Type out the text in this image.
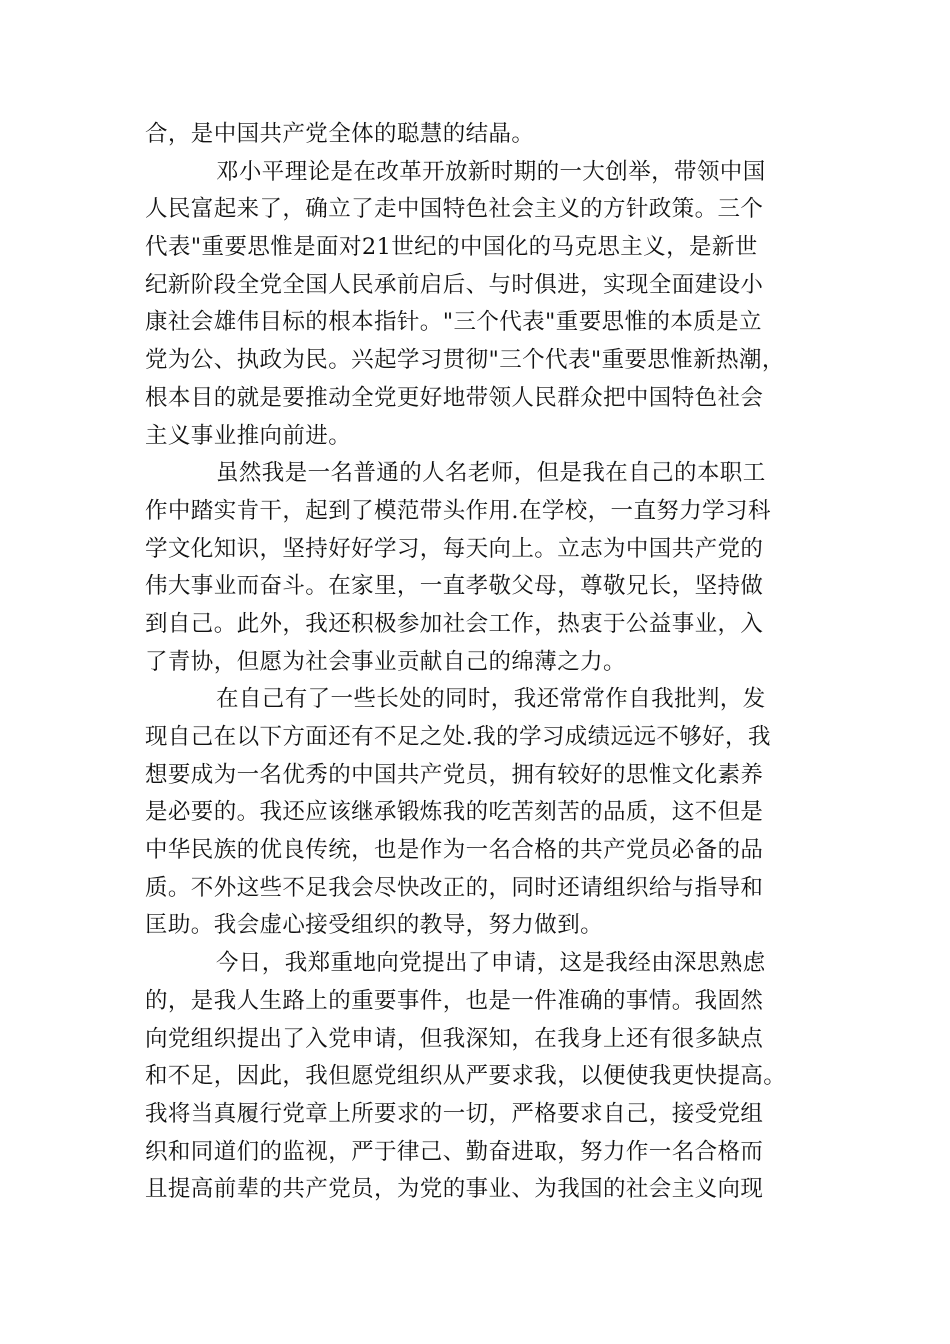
合，是中国共产党全体的聪慧的结晶。
邓小平理论是在改革开放新时期的一大创举，带领中国
人民富起来了，确立了走中国特色社会主义的方针政策。三个
代表"重要思惟是面对21世纪的中国化的马克思主义，是新世
纪新阶段全党全国人民承前启后、与时俱进，实现全面建设小
康社会雄伟目标的根本指针。"三个代表"重要思惟的本质是立
党为公、执政为民。兴起学习贯彻"三个代表"重要思惟新热潮，
根本目的就是要推动全党更好地带领人民群众把中国特色社会
主义事业推向前进。
虽然我是一名普通的人名老师，但是我在自己的本职工
作中踏实肯干，起到了模范带头作用.在学校，一直努力学习科
学文化知识，坚持好好学习，每天向上。立志为中国共产党的
伟大事业而奋斗。在家里，一直孝敬父母，尊敬兄长，坚持做
到自己。此外，我还积极参加社会工作，热衷于公益事业，入
了青协，但愿为社会事业贡献自己的绵薄之力。
在自己有了一些长处的同时，我还常常作自我批判，发
现自己在以下方面还有不足之处.我的学习成绩远远不够好，我
想要成为一名优秀的中国共产党员，拥有较好的思惟文化素养
是必要的。我还应该继承锻炼我的吃苦刻苦的品质，这不但是
中华民族的优良传统，也是作为一名合格的共产党员必备的品
质。不外这些不足我会尽快改正的，同时还请组织给与指导和
匡助。我会虚心接受组织的教导，努力做到。
今日，我郑重地向党提出了申请，这是我经由深思熟虑
的，是我人生路上的重要事件，也是一件准确的事情。我固然
向党组织提出了入党申请，但我深知，在我身上还有很多缺点
和不足，因此，我但愿党组织从严要求我，以便使我更快提高。
我将当真履行党章上所要求的一切，严格要求自己，接受党组
织和同道们的监视，严于律己、勤奋进取，努力作一名合格而
且提高前辈的共产党员，为党的事业、为我国的社会主义向现
